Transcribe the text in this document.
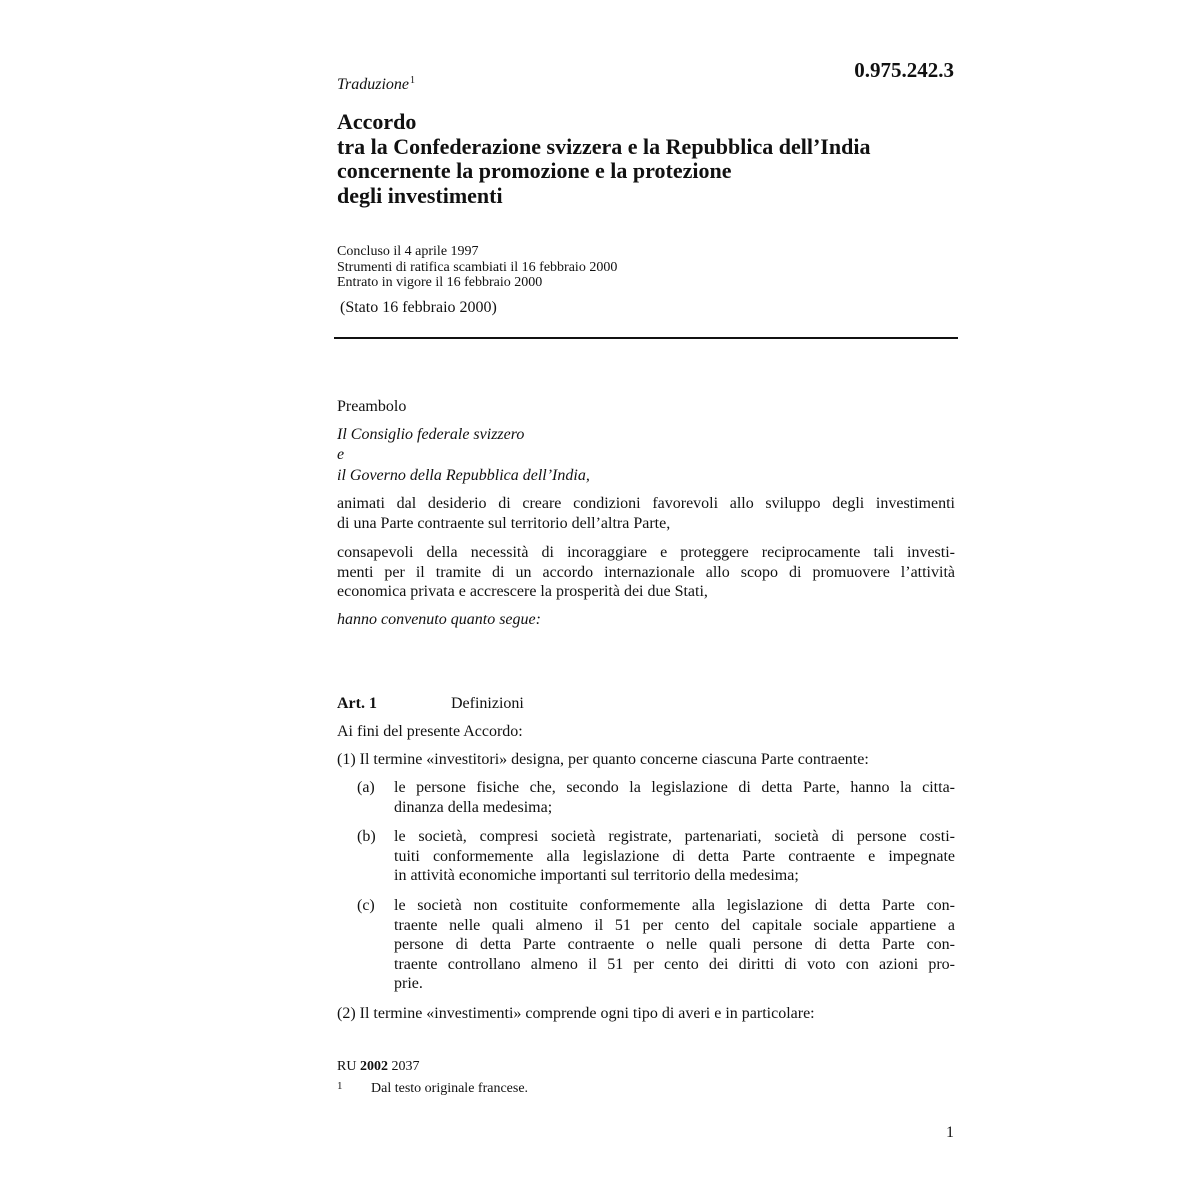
0.975.242.3
Traduzione$^1$
Accordo
tra la Confederazione svizzera e la Repubblica dell’India
concernente la promozione e la protezione
degli investimenti
Concluso il 4 aprile 1997
Strumenti di ratifica scambiati il 16 febbraio 2000
Entrato in vigore il 16 febbraio 2000
(Stato 16 febbraio 2000)
Preambolo
Il Consiglio federale svizzero
e
il Governo della Repubblica dell’India,
animati dal desiderio di creare condizioni favorevoli allo sviluppo degli investimenti
di una Parte contraente sul territorio dell’altra Parte,
consapevoli della necessità di incoraggiare e proteggere reciprocamente tali investi-
menti per il tramite di un accordo internazionale allo scopo di promuovere l’attività
economica privata e accrescere la prosperità dei due Stati,
hanno convenuto quanto segue:
Art. 1	Definizioni
Ai fini del presente Accordo:
(1) Il termine «investitori» designa, per quanto concerne ciascuna Parte contraente:
(a) le persone fisiche che, secondo la legislazione di detta Parte, hanno la citta-
dinanza della medesima;
(b) le società, compresi società registrate, partenariati, società di persone costi-
tuiti conformemente alla legislazione di detta Parte contraente e impegnate
in attività economiche importanti sul territorio della medesima;
(c) le società non costituite conformemente alla legislazione di detta Parte con-
traente nelle quali almeno il 51 per cento del capitale sociale appartiene a
persone di detta Parte contraente o nelle quali persone di detta Parte con-
traente controllano almeno il 51 per cento dei diritti di voto con azioni pro-
prie.
(2) Il termine «investimenti» comprende ogni tipo di averi e in particolare:
RU 2002 2037
1 Dal testo originale francese.
1
